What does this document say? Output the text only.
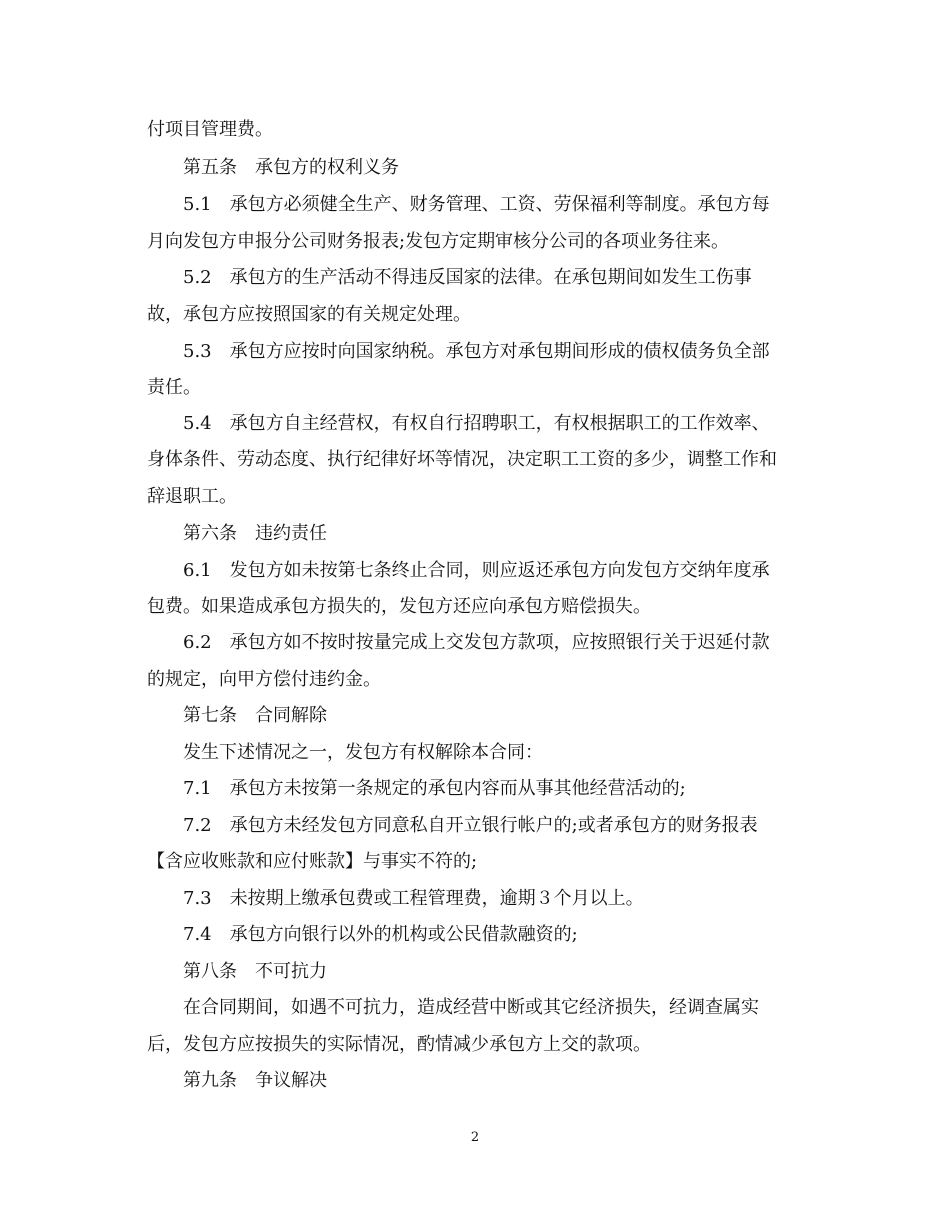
付项目管理费。
第五条　承包方的权利义务
5.1　承包方必须健全生产、财务管理、工资、劳保福利等制度。承包方每
月向发包方申报分公司财务报表;发包方定期审核分公司的各项业务往来。
5.2　承包方的生产活动不得违反国家的法律。在承包期间如发生工伤事
故，承包方应按照国家的有关规定处理。
5.3　承包方应按时向国家纳税。承包方对承包期间形成的债权债务负全部
责任。
5.4　承包方自主经营权，有权自行招聘职工，有权根据职工的工作效率、
身体条件、劳动态度、执行纪律好坏等情况，决定职工工资的多少，调整工作和
辞退职工。
第六条　违约责任
6.1　发包方如未按第七条终止合同，则应返还承包方向发包方交纳年度承
包费。如果造成承包方损失的，发包方还应向承包方赔偿损失。
6.2　承包方如不按时按量完成上交发包方款项，应按照银行关于迟延付款
的规定，向甲方偿付违约金。
第七条　合同解除
发生下述情况之一，发包方有权解除本合同：
7.1　承包方未按第一条规定的承包内容而从事其他经营活动的;
7.2　承包方未经发包方同意私自开立银行帐户的;或者承包方的财务报表
【含应收账款和应付账款】与事实不符的;
7.3　未按期上缴承包费或工程管理费，逾期３个月以上。
7.4　承包方向银行以外的机构或公民借款融资的;
第八条　不可抗力
在合同期间，如遇不可抗力，造成经营中断或其它经济损失，经调查属实
后，发包方应按损失的实际情况，酌情减少承包方上交的款项。
第九条　争议解决
2
